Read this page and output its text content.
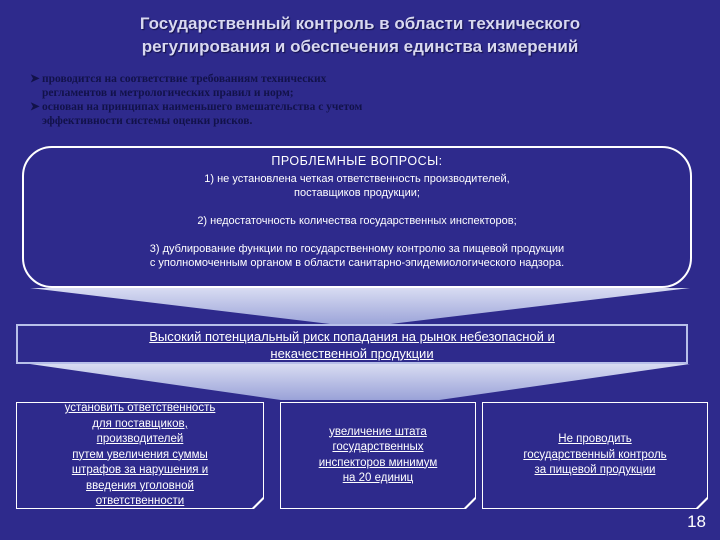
Государственный контроль в области технического
регулирования и обеспечения единства измерений
➤ проводится на соответствие требованиям технических
регламентов и метрологических правил и норм;
➤ основан на принципах наименьшего вмешательства с учетом
эффективности системы оценки рисков.
ПРОБЛЕМНЫЕ ВОПРОСЫ:
1) не установлена четкая ответственность производителей,
поставщиков продукции;
2) недостаточность количества государственных инспекторов;
3) дублирование функции по государственному контролю за пищевой продукции
с уполномоченным органом в области санитарно-эпидемиологического надзора.
Высокий потенциальный риск попадания на рынок небезопасной и
некачественной продукции
установить ответственность
для поставщиков,
производителей
путем увеличения суммы
штрафов за нарушения и
введения уголовной
ответственности
увеличение штата
государственных
инспекторов минимум
на 20 единиц
Не проводить
государственный контроль
за пищевой продукции
18
